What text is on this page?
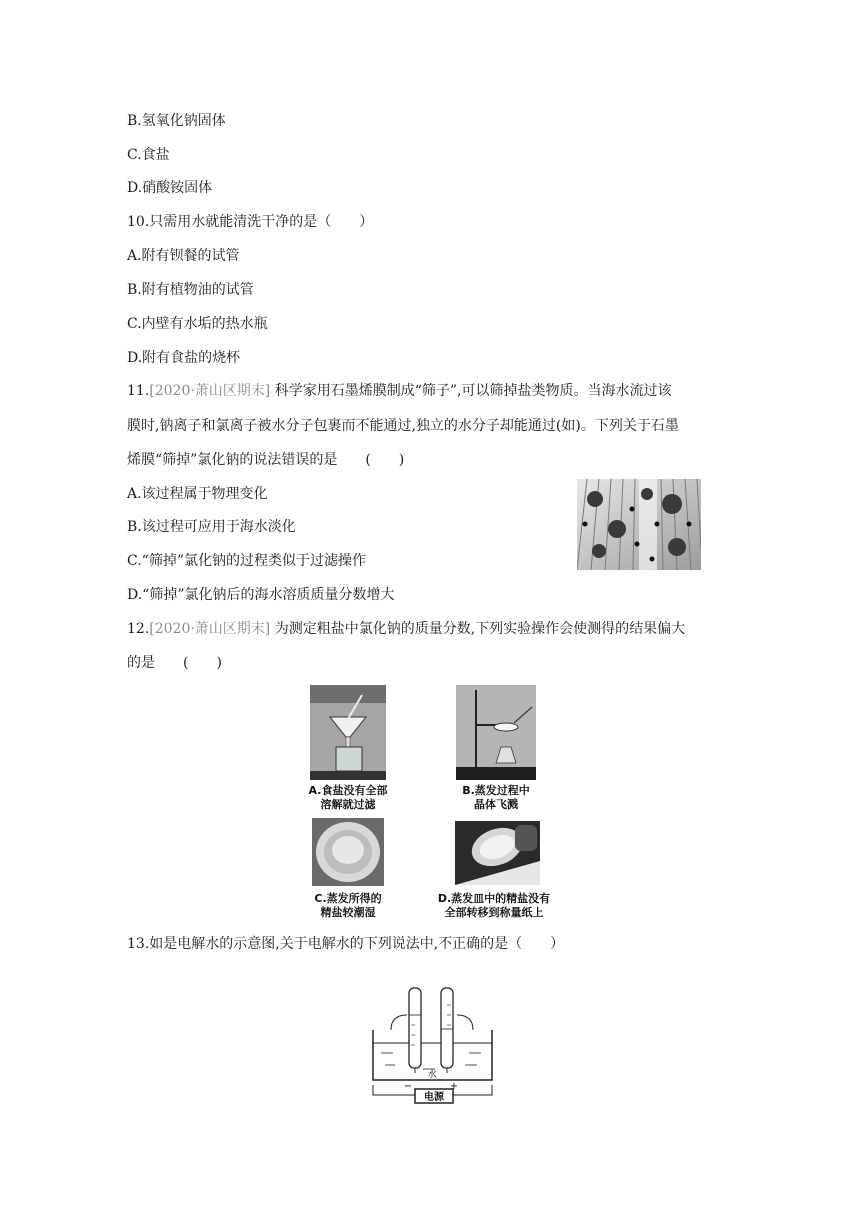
B.氢氧化钠固体
C.食盐
D.硝酸铵固体
10.只需用水就能清洗干净的是（　　）
A.附有钡餐的试管
B.附有植物油的试管
C.内壁有水垢的热水瓶
D.附有食盐的烧杯
11.[2020·萧山区期末] 科学家用石墨烯膜制成“筛子”,可以筛掉盐类物质。当海水流过该
膜时,钠离子和氯离子被水分子包裹而不能通过,独立的水分子却能通过(如)。下列关于石墨
烯膜“筛掉”氯化钠的说法错误的是　　(　　)
A.该过程属于物理变化
B.该过程可应用于海水淡化
C.“筛掉”氯化钠的过程类似于过滤操作
D.“筛掉”氯化钠后的海水溶质质量分数增大
12.[2020·萧山区期末] 为测定粗盐中氯化钠的质量分数,下列实验操作会使测得的结果偏大
的是　　(　　)
A.食盐没有全部
溶解就过滤
B.蒸发过程中
晶体飞溅
C.蒸发所得的
精盐较潮湿
D.蒸发皿中的精盐没有
全部转移到称量纸上
13.如是电解水的示意图,关于电解水的下列说法中,不正确的是（　　）
电源
水
−	+
